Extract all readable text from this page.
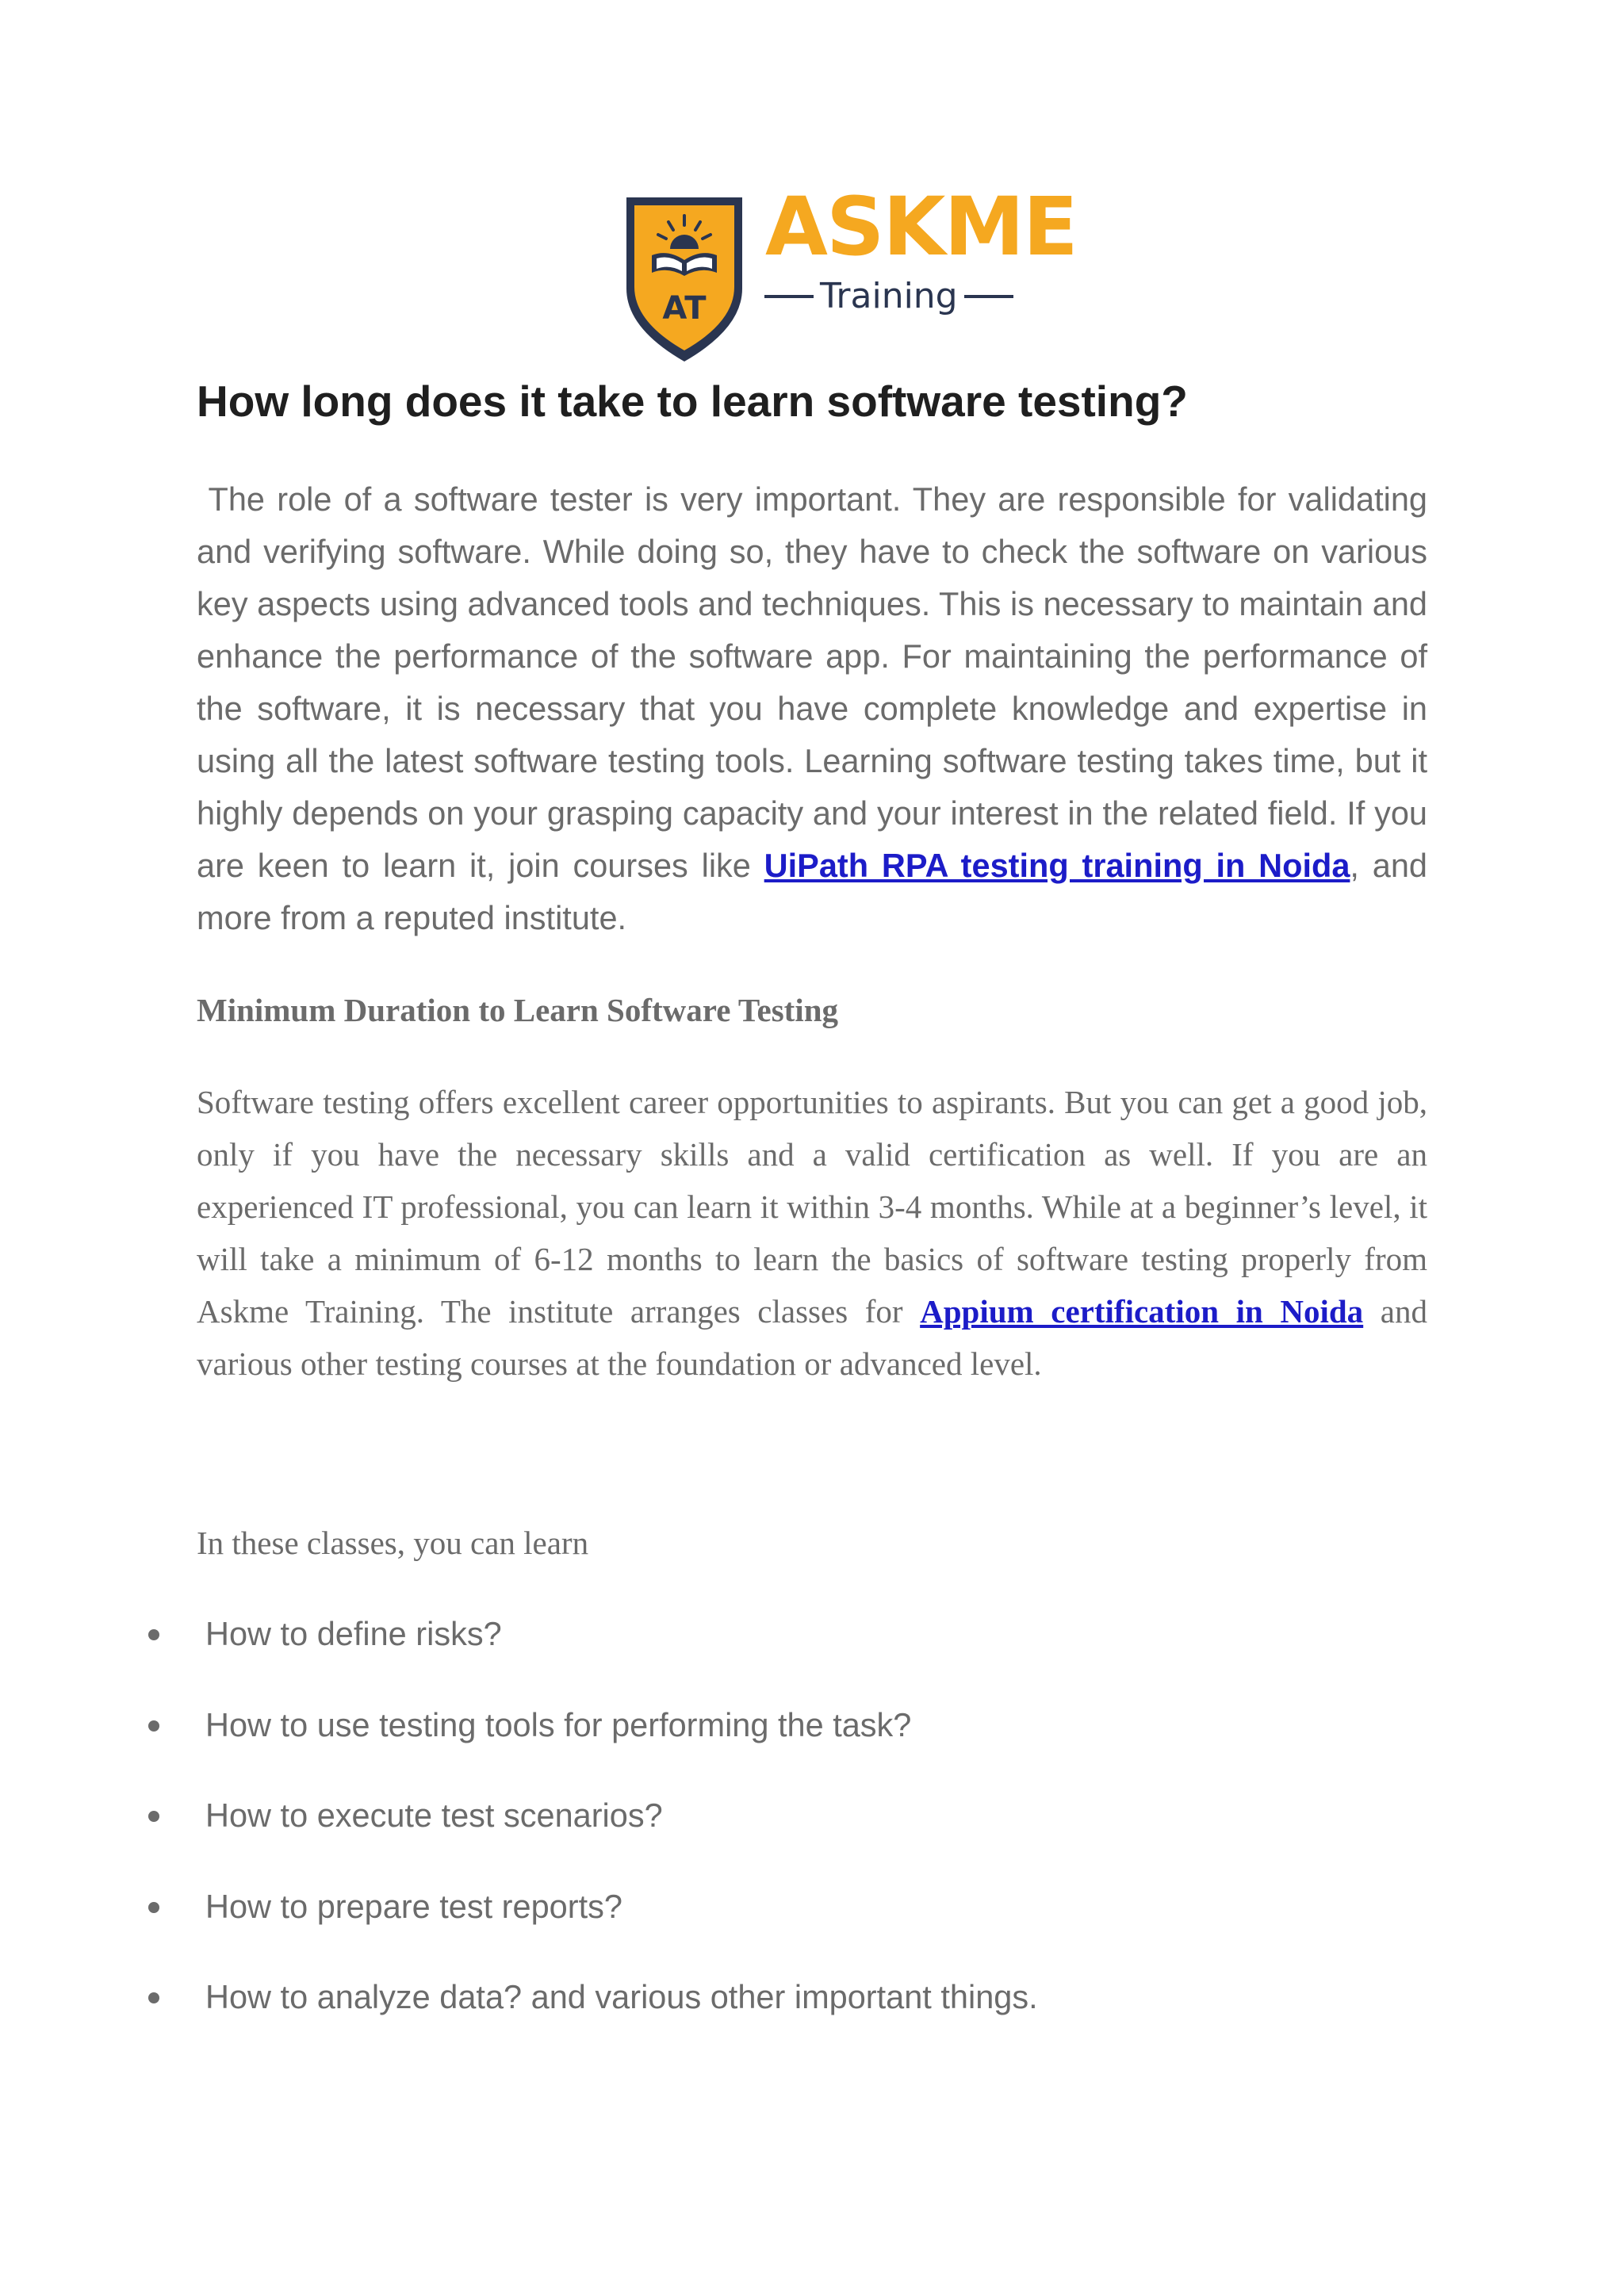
AT

ASKME

Training
How long does it take to learn software testing?

The role of a software tester is very important. They are responsible for validating and verifying software. While doing so, they have to check the software on various key aspects using advanced tools and techniques. This is necessary to maintain and enhance the performance of the software app. For maintaining the performance of the software, it is necessary that you have complete knowledge and expertise in using all the latest software testing tools. Learning software testing takes time, but it highly depends on your grasping capacity and your interest in the related field. If you are keen to learn it, join courses like UiPath RPA testing training in Noida, and more from a reputed institute.

Minimum Duration to Learn Software Testing

Software testing offers excellent career opportunities to aspirants. But you can get a good job, only if you have the necessary skills and a valid certification as well. If you are an experienced IT professional, you can learn it within 3-4 months. While at a beginner’s level, it will take a minimum of 6-12 months to learn the basics of software testing properly from Askme Training. The institute arranges classes for Appium certification in Noida and various other testing courses at the foundation or advanced level.

In these classes, you can learn

How to define risks?
How to use testing tools for performing the task?
How to execute test scenarios?
How to prepare test reports?
How to analyze data? and various other important things.
